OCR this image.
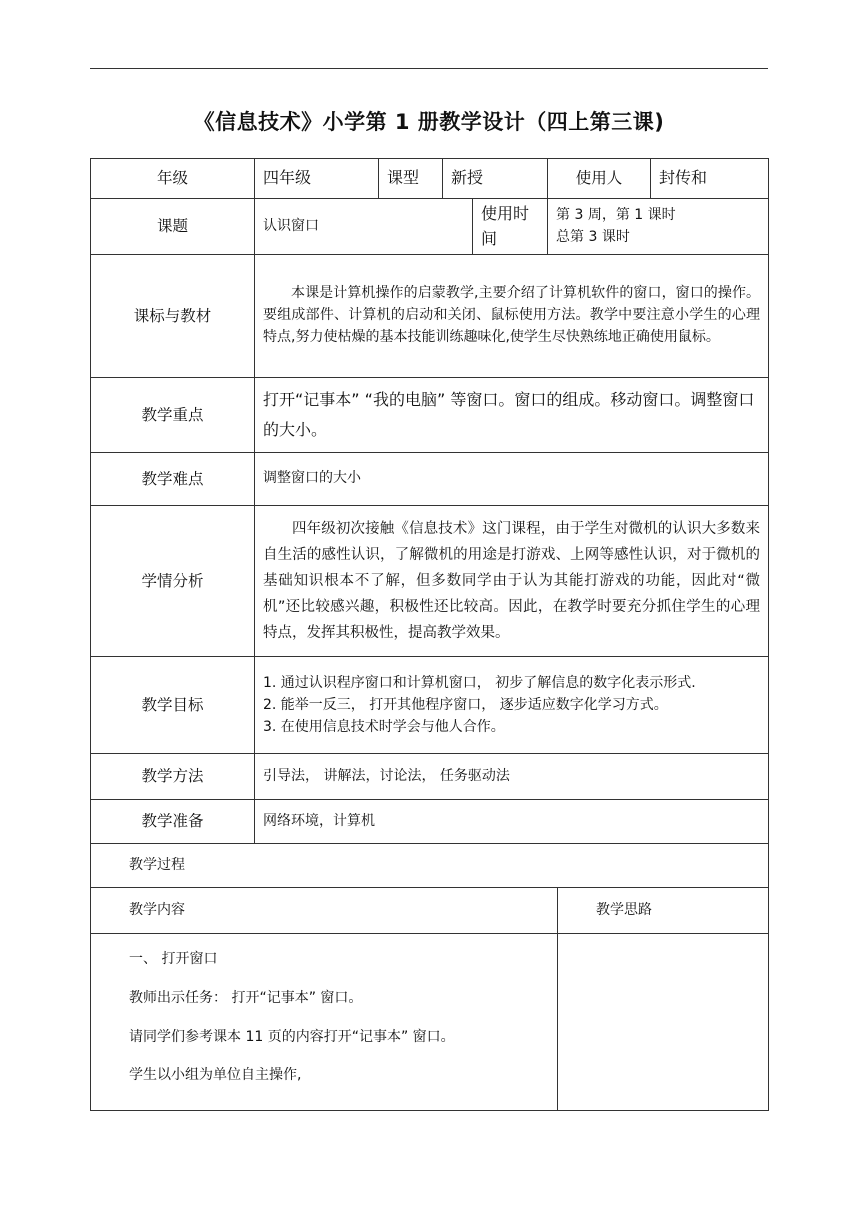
《信息技术》小学第 1 册教学设计（四上第三课)
年级	四年级	课型	新授		使用人		封传和
课题	认识窗口			使用时间	第 3 周，第 1 课时
总第 3 课时		

课标与教材	本课是计算机操作的启蒙教学,主要介绍了计算机软件的窗口，窗口的操作。要组成部件、计算机的启动和关闭、鼠标使用方法。教学中要注意小学生的心理特点,努力使枯燥的基本技能训练趣味化,使学生尽快熟练地正确使用鼠标。						
教学重点	打开“记事本” “我的电脑” 等窗口。窗口的组成。移动窗口。调整窗口的大小。						
教学难点	调整窗口的大小						
学情分析	四年级初次接触《信息技术》这门课程，由于学生对微机的认识大多数来自生活的感性认识，了解微机的用途是打游戏、上网等感性认识，对于微机的基础知识根本不了解，但多数同学由于认为其能打游戏的功能，因此对“微机”还比较感兴趣，积极性还比较高。因此，在教学时要充分抓住学生的心理特点，发挥其积极性，提高教学效果。						
教学目标	1. 通过认识程序窗口和计算机窗口， 初步了解信息的数字化表示形式.
2. 能举一反三， 打开其他程序窗口， 逐步适应数字化学习方式。
3. 在使用信息技术时学会与他人合作。						

教学方法	引导法， 讲解法，讨论法， 任务驱动法						
教学准备	网络环境，计算机						
教学过程							
教学内容						教学思路	

一、 打开窗口
教师出示任务： 打开“记事本” 窗口。
请同学们参考课本 11 页的内容打开“记事本” 窗口。
学生以小组为单位自主操作,							
